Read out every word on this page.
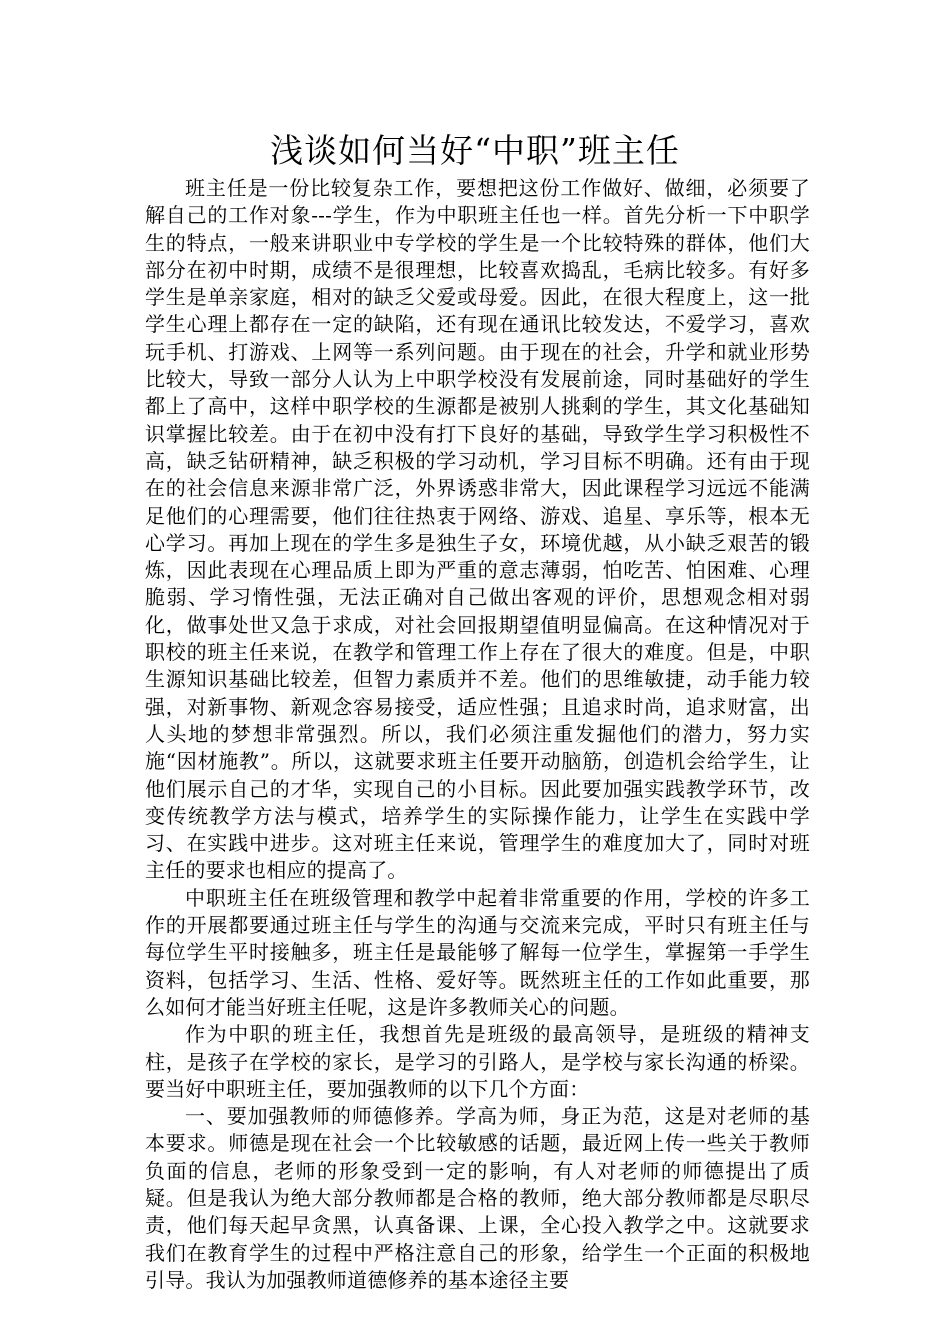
浅谈如何当好“中职”班主任

班主任是一份比较复杂工作，要想把这份工作做好、做细，必须要了解自己的工作对象---学生，作为中职班主任也一样。首先分析一下中职学生的特点，一般来讲职业中专学校的学生是一个比较特殊的群体，他们大部分在初中时期，成绩不是很理想，比较喜欢捣乱，毛病比较多。有好多学生是单亲家庭，相对的缺乏父爱或母爱。因此，在很大程度上，这一批学生心理上都存在一定的缺陷，还有现在通讯比较发达，不爱学习，喜欢玩手机、打游戏、上网等一系列问题。由于现在的社会，升学和就业形势比较大，导致一部分人认为上中职学校没有发展前途，同时基础好的学生都上了高中，这样中职学校的生源都是被别人挑剩的学生，其文化基础知识掌握比较差。由于在初中没有打下良好的基础，导致学生学习积极性不高，缺乏钻研精神，缺乏积极的学习动机，学习目标不明确。还有由于现在的社会信息来源非常广泛，外界诱惑非常大，因此课程学习远远不能满足他们的心理需要，他们往往热衷于网络、游戏、追星、享乐等，根本无心学习。再加上现在的学生多是独生子女，环境优越，从小缺乏艰苦的锻炼，因此表现在心理品质上即为严重的意志薄弱，怕吃苦、怕困难、心理脆弱、学习惰性强，无法正确对自己做出客观的评价，思想观念相对弱化，做事处世又急于求成，对社会回报期望值明显偏高。在这种情况对于职校的班主任来说，在教学和管理工作上存在了很大的难度。但是，中职生源知识基础比较差，但智力素质并不差。他们的思维敏捷，动手能力较强，对新事物、新观念容易接受，适应性强；且追求时尚，追求财富，出人头地的梦想非常强烈。所以，我们必须注重发掘他们的潜力，努力实施“因材施教”。所以，这就要求班主任要开动脑筋，创造机会给学生，让他们展示自己的才华，实现自己的小目标。因此要加强实践教学环节，改变传统教学方法与模式，培养学生的实际操作能力，让学生在实践中学习、在实践中进步。这对班主任来说，管理学生的难度加大了，同时对班主任的要求也相应的提高了。

中职班主任在班级管理和教学中起着非常重要的作用，学校的许多工作的开展都要通过班主任与学生的沟通与交流来完成，平时只有班主任与每位学生平时接触多，班主任是最能够了解每一位学生，掌握第一手学生资料，包括学习、生活、性格、爱好等。既然班主任的工作如此重要，那么如何才能当好班主任呢，这是许多教师关心的问题。

作为中职的班主任，我想首先是班级的最高领导，是班级的精神支柱，是孩子在学校的家长，是学习的引路人，是学校与家长沟通的桥梁。要当好中职班主任，要加强教师的以下几个方面：

一、要加强教师的师德修养。学高为师，身正为范，这是对老师的基本要求。师德是现在社会一个比较敏感的话题，最近网上传一些关于教师负面的信息，老师的形象受到一定的影响，有人对老师的师德提出了质疑。但是我认为绝大部分教师都是合格的教师，绝大部分教师都是尽职尽责，他们每天起早贪黑，认真备课、上课，全心投入教学之中。这就要求我们在教育学生的过程中严格注意自己的形象，给学生一个正面的积极地引导。我认为加强教师道德修养的基本途径主要
